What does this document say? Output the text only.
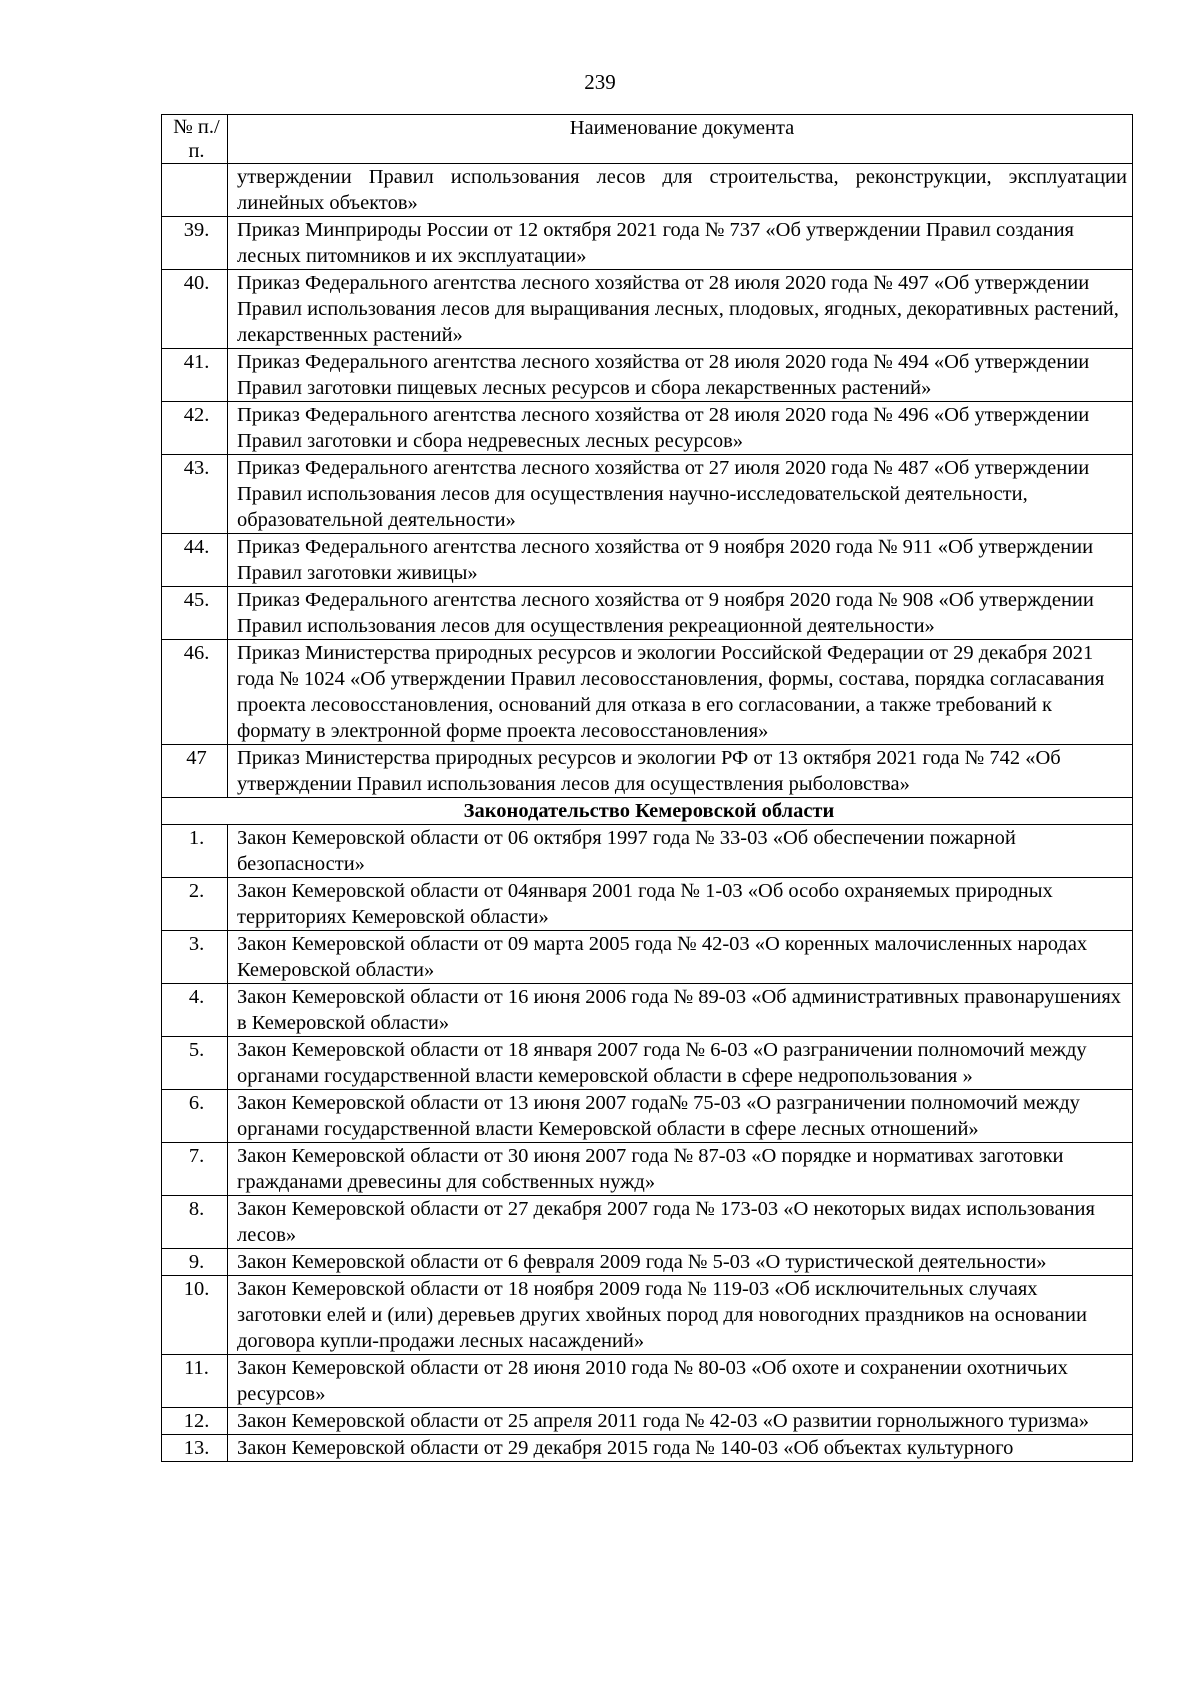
239
№ п./п.	Наименование документа
	утверждении Правил использования лесов для строительства, реконструкции, эксплуатации линейных объектов»
39.	Приказ Минприроды России от 12 октября 2021 года № 737 «Об утверждении Правил создания лесных питомников и их эксплуатации»
40.	Приказ Федерального агентства лесного хозяйства от 28 июля 2020 года № 497 «Об утверждении Правил использования лесов для выращивания лесных, плодовых, ягодных, декоративных растений, лекарственных растений»
41.	Приказ Федерального агентства лесного хозяйства от 28 июля 2020 года № 494 «Об утверждении Правил заготовки пищевых лесных ресурсов и сбора лекарственных растений»
42.	Приказ Федерального агентства лесного хозяйства от 28 июля 2020 года № 496 «Об утверждении Правил заготовки и сбора недревесных лесных ресурсов»
43.	Приказ Федерального агентства лесного хозяйства от 27 июля 2020 года № 487 «Об утверждении Правил использования лесов для осуществления научно-исследовательской деятельности, образовательной деятельности»
44.	Приказ Федерального агентства лесного хозяйства от 9 ноября 2020 года № 911 «Об утверждении Правил заготовки живицы»
45.	Приказ Федерального агентства лесного хозяйства от 9 ноября 2020 года № 908 «Об утверждении Правил использования лесов для осуществления рекреационной деятельности»
46.	Приказ Министерства природных ресурсов и экологии Российской Федерации от 29 декабря 2021 года № 1024 «Об утверждении Правил лесовосстановления, формы, состава, порядка согласавания проекта лесовосстановления, оснований для отказа в его согласовании, а также требований к формату в электронной форме проекта лесовосстановления»
47	Приказ Министерства природных ресурсов и экологии РФ от 13 октября 2021 года № 742 «Об утверждении Правил использования лесов для осуществления рыболовства»
Законодательство Кемеровской области	
1.	Закон Кемеровской области от 06 октября 1997 года № 33-03 «Об обеспечении пожарной безопасности»
2.	Закон Кемеровской области от 04января 2001 года № 1-03 «Об особо охраняемых природных территориях Кемеровской области»
3.	Закон Кемеровской области от 09 марта 2005 года № 42-03 «О коренных малочисленных народах Кемеровской области»
4.	Закон Кемеровской области от 16 июня 2006 года № 89-03 «Об административных правонарушениях в Кемеровской области»
5.	Закон Кемеровской области от 18 января 2007 года № 6-03 «О разграничении полномочий между органами государственной власти кемеровской области в сфере недропользования »
6.	Закон Кемеровской области от 13 июня 2007 года№ 75-03 «О разграничении полномочий между органами государственной власти Кемеровской области в сфере лесных отношений»
7.	Закон Кемеровской области от 30 июня 2007 года № 87-03 «О порядке и нормативах заготовки гражданами древесины для собственных нужд»
8.	Закон Кемеровской области от 27 декабря 2007 года № 173-03 «О некоторых видах использования лесов»
9.	Закон Кемеровской области от 6 февраля 2009 года № 5-03 «О туристической деятельности»
10.	Закон Кемеровской области от 18 ноября 2009 года № 119-03 «Об исключительных случаях заготовки елей и (или) деревьев других хвойных пород для новогодних праздников на основании договора купли-продажи лесных насаждений»
11.	Закон Кемеровской области от 28 июня 2010 года № 80-03 «Об охоте и сохранении охотничьих ресурсов»
12.	Закон Кемеровской области от 25 апреля 2011 года № 42-03 «О развитии горнолыжного туризма»
13.	Закон Кемеровской области от 29 декабря 2015 года № 140-03 «Об объектах культурного
